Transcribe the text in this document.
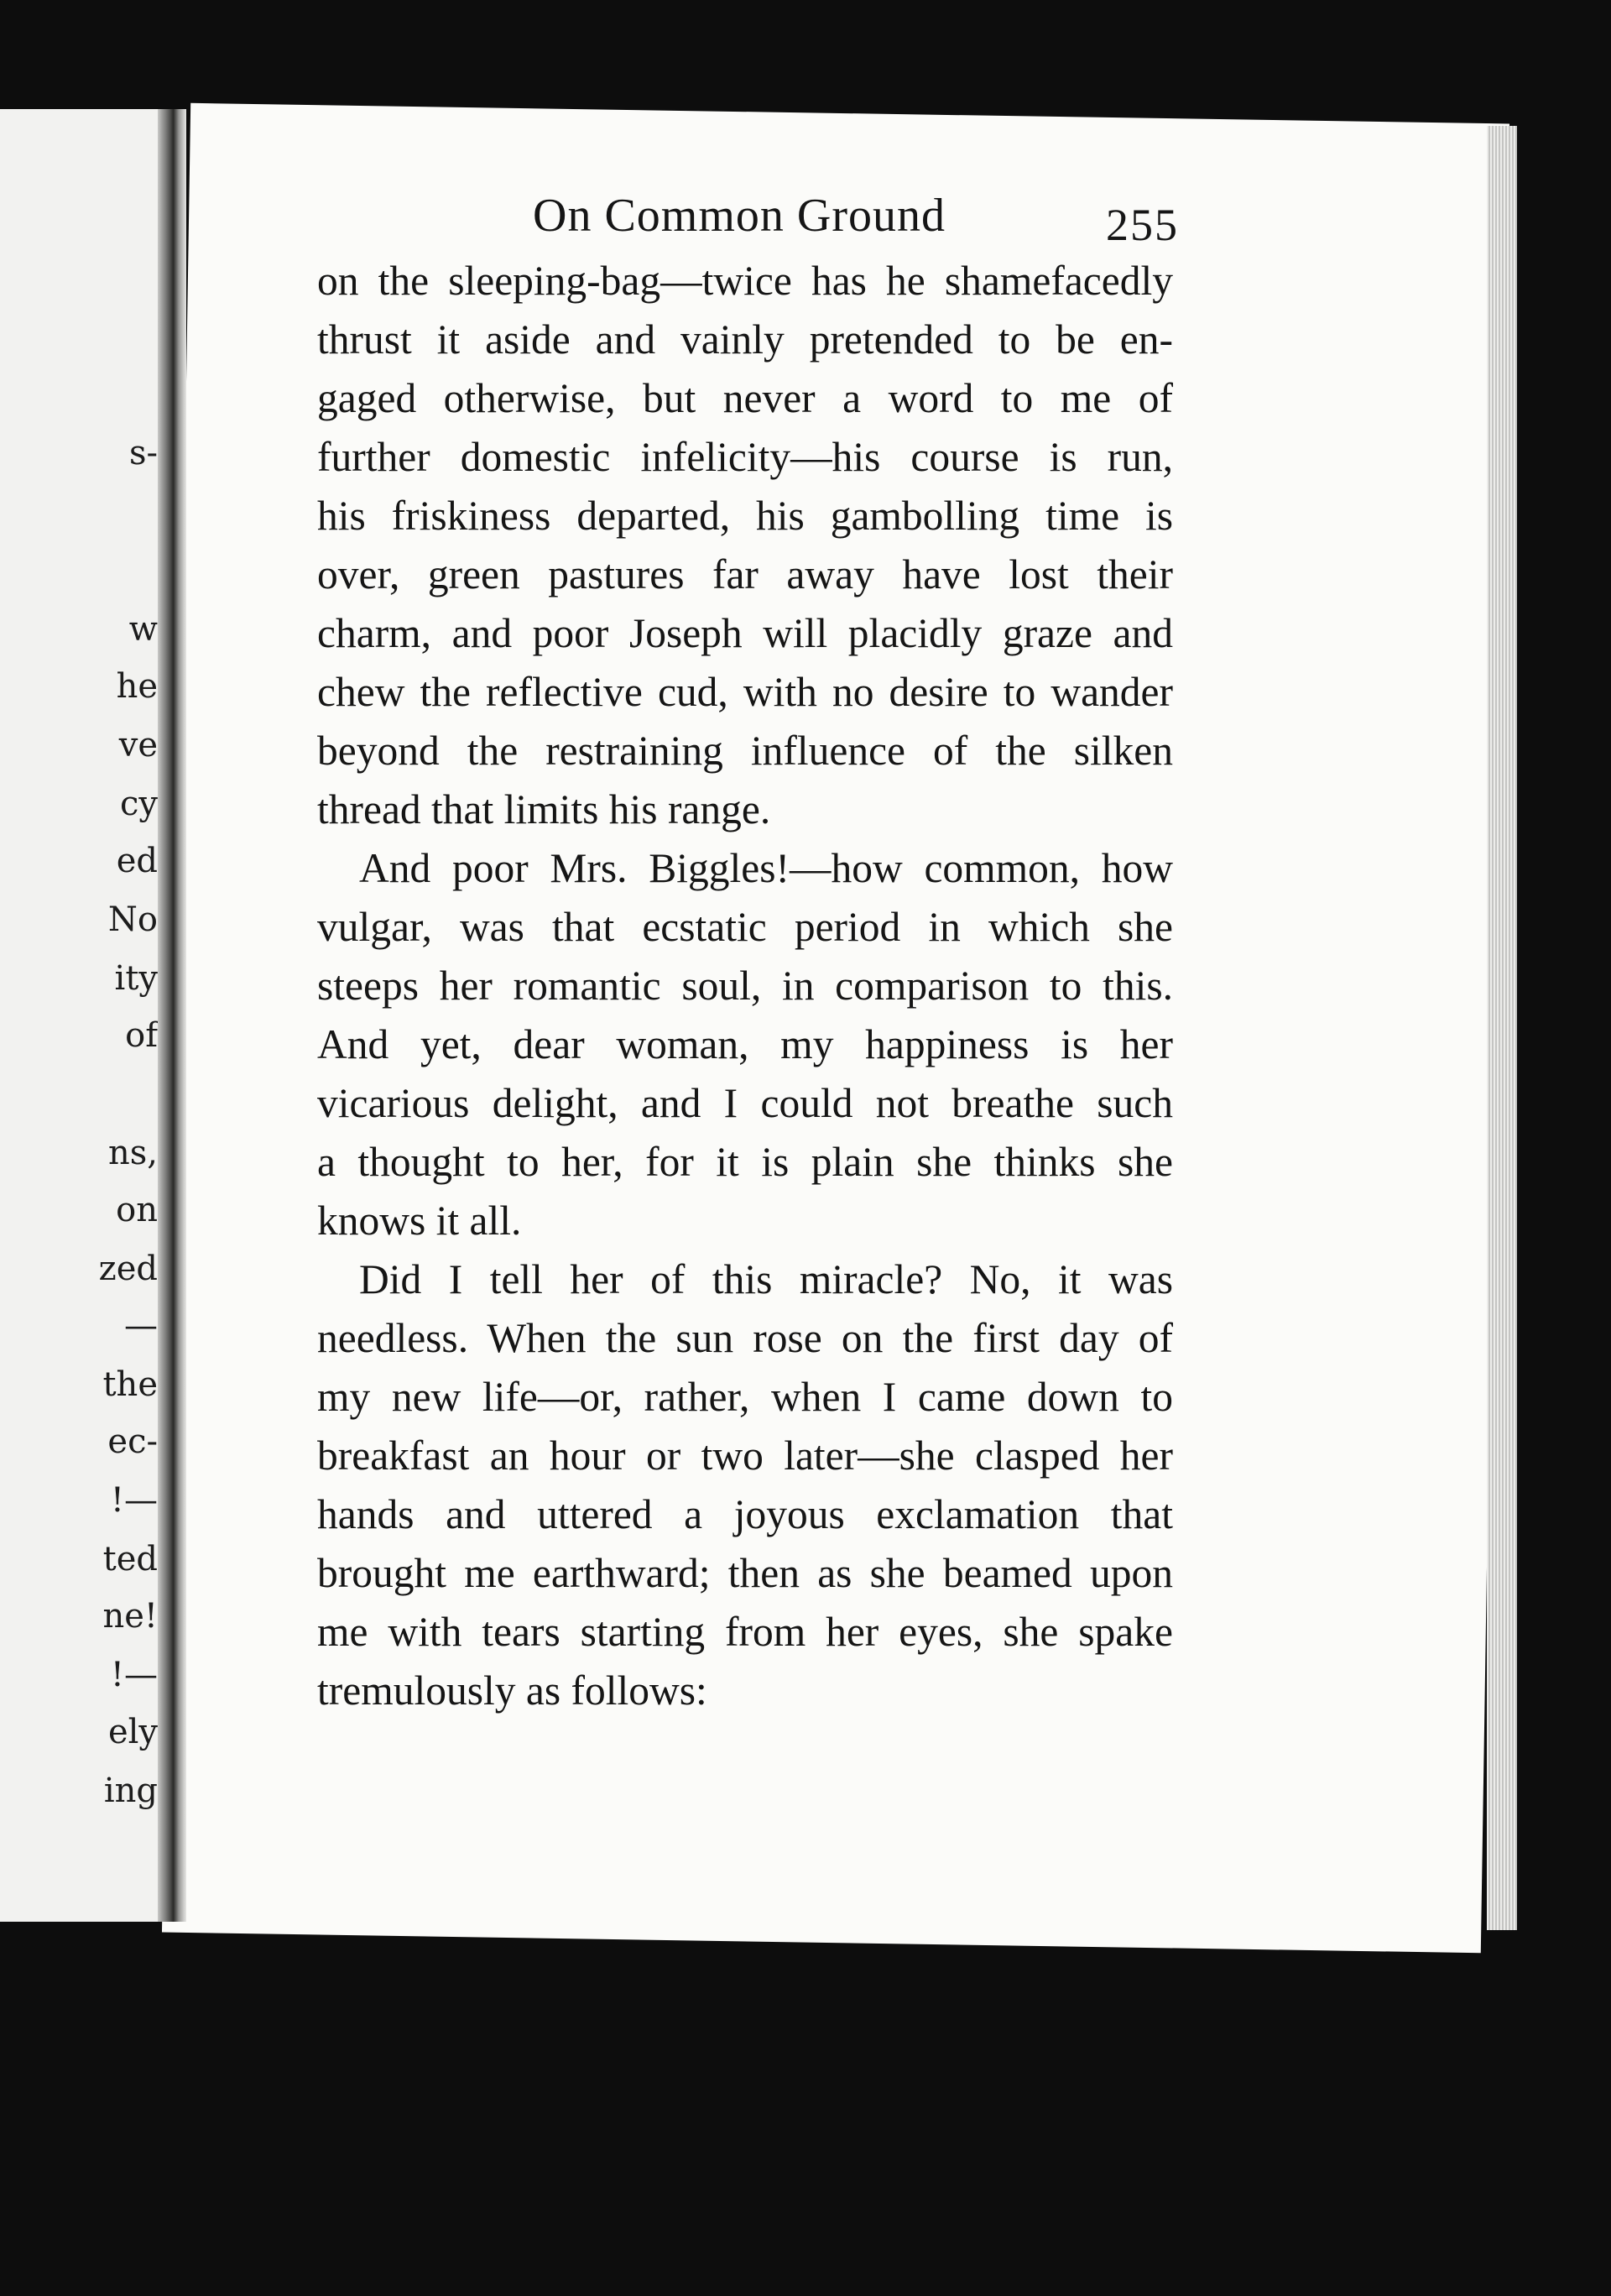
s-
w
he
ve
cy
ed
No
ity
of
ns,
on
zed
—
the
ec-
!—
ted
ne!
!—
ely
ing
On Common Ground	255
on the sleeping-bag—twice has he shamefacedly
thrust it aside and vainly pretended to be en-
gaged otherwise, but never a word to me of
further domestic infelicity—his course is run,
his friskiness departed, his gambolling time is
over, green pastures far away have lost their
charm, and poor Joseph will placidly graze and
chew the reflective cud, with no desire to wander
beyond the restraining influence of the silken
thread that limits his range.
And poor Mrs. Biggles!—how common, how
vulgar, was that ecstatic period in which she
steeps her romantic soul, in comparison to this.
And yet, dear woman, my happiness is her
vicarious delight, and I could not breathe such
a thought to her, for it is plain she thinks she
knows it all.
Did I tell her of this miracle? No, it was
needless. When the sun rose on the first day of
my new life—or, rather, when I came down to
breakfast an hour or two later—she clasped her
hands and uttered a joyous exclamation that
brought me earthward; then as she beamed upon
me with tears starting from her eyes, she spake
tremulously as follows:
